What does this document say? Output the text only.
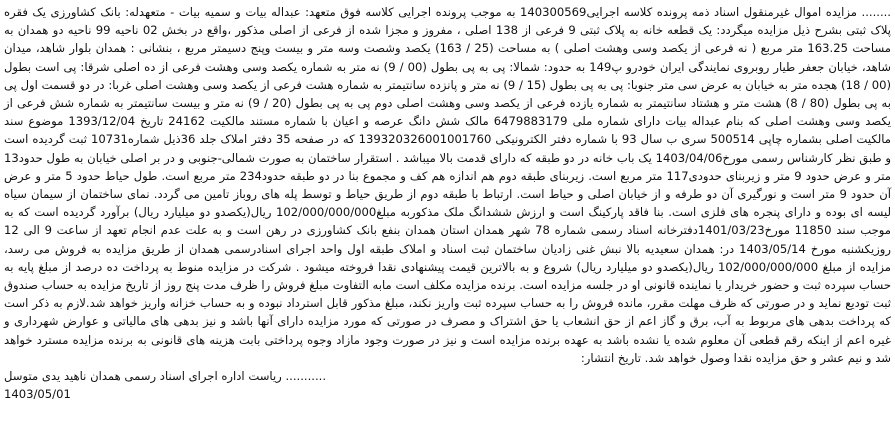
........ مزایده اموال غیرمنقول اسناد ذمه پرونده کلاسه اجرایی140300569 به موجب پرونده اجرایی کلاسه فوق متعهد: عبداله بیات و سمیه بیات - متعهدله: بانک کشاورزی یک فقره پلاک ثبتی بشرح ذیل مزایده میگردد: یک قطعه خانه به پلاک ثبتی 9 فرعی از 138 اصلی ، مفروز و مجزا شده از فرعی از اصلی مذکور ،واقع در بخش 02 ناحیه 99 ناحیه دو همدان به مساحت 163.25 متر مربع ( نه فرعی از یکصد وسی وهشت اصلی ) به مساحت (25 / 163) یکصد وشصت وسه متر و بیست وپنج دسیمتر مربع ، بنشانی : همدان بلوار شاهد، میدان شاهد، خیابان جعفر طیار روبروی نمایندگی ایران خودرو پ149 به حدود: شمالا: پی به پی بطول (00 / 9) نه متر به شماره یکصد وسی وهشت فرعی از ده اصلی شرقا: پی است بطول (00 / 18) هجده متر به خیابان به عرض سی متر جنوبا: پی به پی بطول (15 / 9) نه متر و پانزده سانتیمتر به شماره هشت فرعی از یکصد وسی وهشت اصلی غربا: در دو قسمت اول پی به پی بطول (80 / 8) هشت متر و هشتاد سانتیمتر به شماره یازده فرعی از یکصد وسی وهشت اصلی دوم پی به پی بطول (20 / 9) نه متر و بیست سانتیمتر به شماره شش فرعی از یکصد وسی وهشت اصلی که بنام عبداله بیات دارای شماره ملی 6479883179 مالک شش دانگ عرصه و اعیان با شماره مستند مالکیت 24162 تاریخ 1393/12/04 موضوع سند مالکیت اصلی بشماره چاپی 500514 سری ب سال 93 با شماره دفتر الکترونیکی 139320326001001760 که در صفحه 35 دفتر املاک جلد 36ذیل شماره10731 ثبت گردیده است و طبق نظر کارشناس رسمی مورخ1403/04/06 یک باب خانه در دو طبقه که دارای قدمت بالا میباشد . استقرار ساختمان به صورت شمالی-جنوبی و در بر اصلی خیابان به طول حدود13 متر و عرض حدود 9 متر و زیربنای حدودی117 متر مربع است. زیربنای طبقه دوم هم اندازه هم کف و مجموع بنا در دو طبقه حدود234 متر مربع است. طول حیاط حدود 5 متر و عرض آن حدود 9 متر است و نورگیری آن دو طرفه و از خیابان اصلی و حیاط است. ارتباط با طبقه دوم از طریق حیاط و توسط پله های روباز تامین می گردد. نمای ساختمان از سیمان سیاه لیسه ای بوده و دارای پنجره های فلزی است. بنا فاقد پارکینگ است و ارزش ششدانگ ملک مذکوربه مبلغ102/000/000/000 ریال(یکصدو دو میلیارد ریال) برآورد گردیده است که به موجب سند 11850 مورخ1401/03/23دفترخانه اسناد رسمی شماره 78 شهر همدان استان همدان بنفع بانک کشاورزی در رهن است و به علت عدم انجام تعهد از ساعت 9 الی 12 روزیکشنبه مورخ 1403/05/14 در: همدان سعیدیه بالا نبش غنی زادیان ساختمان ثبت اسناد و املاک طبقه اول واحد اجرای اسنادرسمی همدان از طریق مزایده به فروش می رسد، مزایده از مبلغ 102/000/000/000 ریال(یکصدو دو میلیارد ریال) شروع و به بالاترین قیمت پیشنهادی نقدا فروخته میشود . شرکت در مزایده منوط به پرداخت ده درصد از مبلغ پایه به حساب سپرده ثبت و حضور خریدار یا نماینده قانونی او در جلسه مزایده است. برنده مزایده مکلف است مابه التفاوت مبلغ فروش را ظرف مدت پنج روز از تاریخ مزایده به حساب صندوق ثبت تودیع نماید و در صورتی که ظرف مهلت مقرر، مانده فروش را به حساب سپرده ثبت واریز نکند، مبلغ مذکور قابل استرداد نبوده و به حساب خزانه واریز خواهد شد.لازم به ذکر است که پرداخت بدهی های مربوط به آب، برق و گاز اعم از حق انشعاب یا حق اشتراک و مصرف در صورتی که مورد مزایده دارای آنها باشد و نیز بدهی های مالیاتی و عوارض شهرداری و غیره اعم از اینکه رقم قطعی آن معلوم شده یا نشده باشد به عهده برنده مزایده است و نیز در صورت وجود مازاد وجوه پرداختی بابت هزینه های قانونی به برنده مزایده مسترد خواهد شد و نیم عشر و حق مزایده نقدا وصول خواهد شد. تاریخ انتشار:

........... ریاست اداره اجرای اسناد رسمی همدان ناهید یدی متوسل

1403/05/01
